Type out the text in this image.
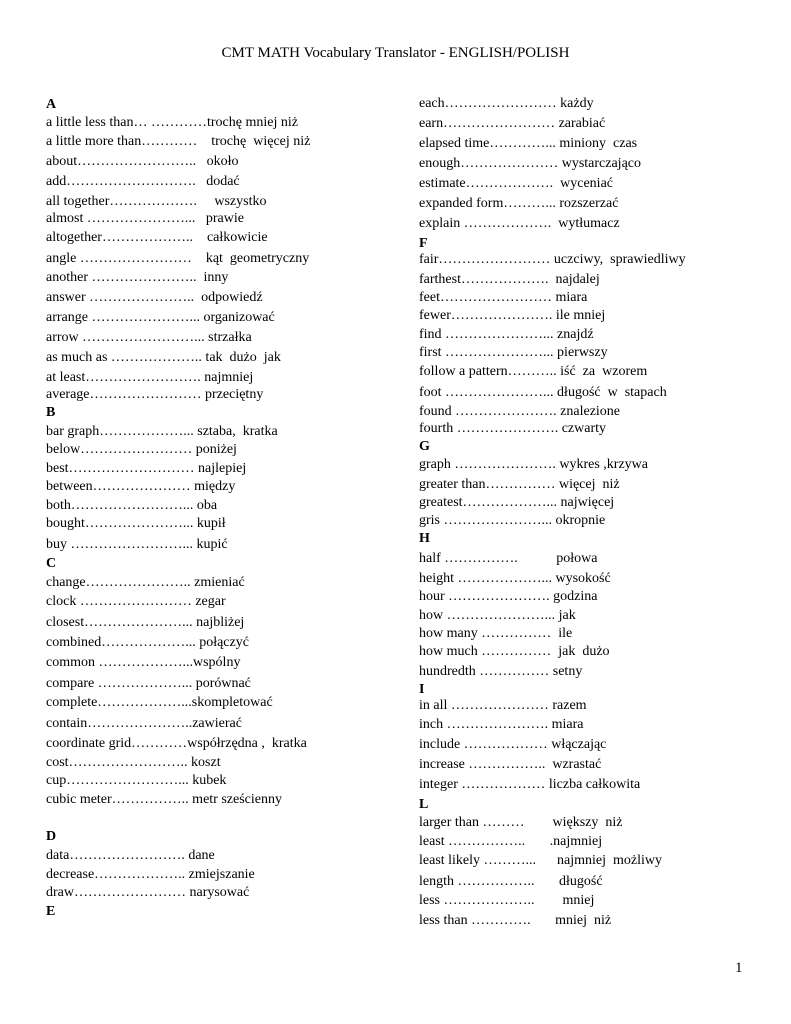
CMT MATH Vocabulary Translator - ENGLISH/POLISH
A
a little less than… …………trochę mniej niż
a little more than…………    trochę  więcej niż
about……………………..   około
add……………………….   dodać
all together……………….     wszystko
almost …………………...   prawie
altogether………………..    całkowicie
angle ……………………    kąt  geometryczny
another …………………..  inny
answer …………………..  odpowiedź
arrange …………………... organizować
arrow ……………………... strzałka
as much as ……………….. tak  dużo  jak
at least……………………. najmniej
average…………………… przeciętny
B
bar graph………………... sztaba,  kratka
below…………………… poniżej
best……………………… najlepiej
between………………… między
both……………………... oba
bought…………………... kupił
buy ……………………... kupić
C
change………………….. zmieniać
clock …………………… zegar
closest…………………... najbliżej
combined………………... połączyć
common ………………...wspólny
compare ………………... porównać
complete………………...skompletować
contain…………………..zawierać
coordinate grid…………współrzędna ,  kratka
cost…………………….. koszt
cup……………………... kubek
cubic meter…………….. metr sześcienny
D
data……………………. dane
decrease……………….. zmiejszanie
draw…………………… narysować
E
each…………………… każdy
earn…………………… zarabiać
elapsed time…………... miniony  czas
enough………………… wystarczająco
estimate……………….  wyceniać
expanded form………... rozszerzać
explain ……………….  wytłumacz
F
fair…………………… uczciwy,  sprawiedliwy
farthest……………….  najdalej
feet…………………… miara
fewer…………………. ile mniej
find …………………... znajdź
first …………………... pierwszy
follow a pattern……….. iść  za  wzorem
foot …………………... długość  w  stapach
found …………………. znalezione
fourth …………………. czwarty
G
graph …………………. wykres ,krzywa
greater than…………… więcej  niż
greatest………………... najwięcej
gris …………………... okropnie
H
half …………….           połowa
height ………………... wysokość
hour …………………. godzina
how …………………... jak
how many ……………  ile
how much ……………  jak  dużo
hundredth …………… setny
I
in all ………………… razem
inch …………………. miara
include ……………… włączając
increase ……………..  wzrastać
integer ……………… liczba całkowita
L
larger than ………        większy  niż
least ……………..       .najmniej
least likely ………...      najmniej  możliwy
length ……………..       długość
less ………………..        mniej
less than ………….       mniej  niż
1
